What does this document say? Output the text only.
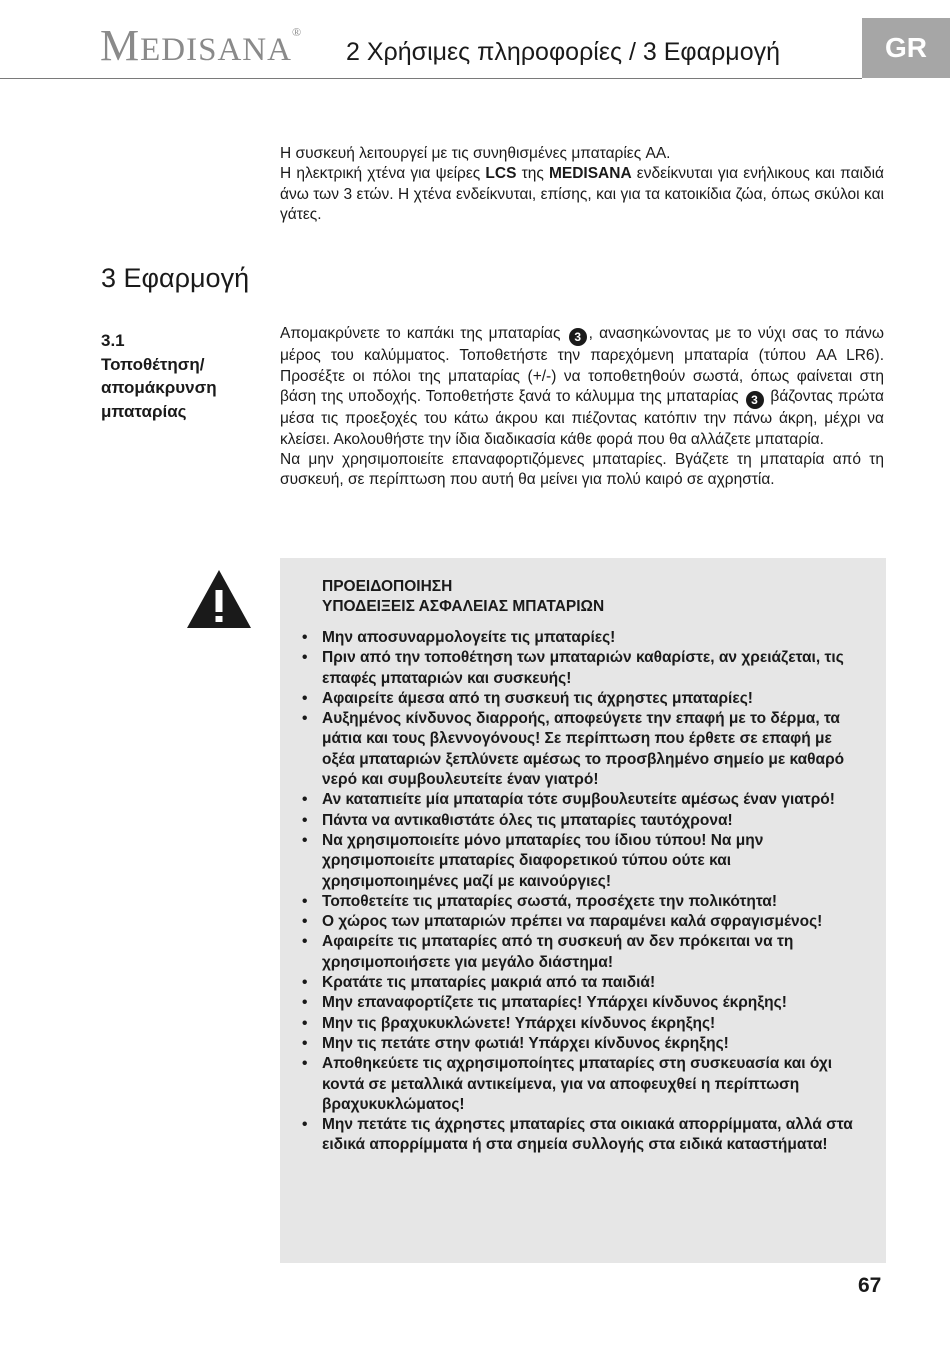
MEDISANA®
2 Χρήσιμες πληροφορίες / 3 Εφαρμογή	GR

Η συσκευή λειτουργεί με τις συνηθισμένες μπαταρίες AA.

Η ηλεκτρική χτένα για ψείρες LCS της MEDISANA ενδείκνυται για ενήλικους και παιδιά άνω των 3 ετών. Η χτένα ενδείκνυται, επίσης, και για τα κατοικίδια ζώα, όπως σκύλοι και γάτες.

3 Εφαρμογή
3.1
Τοποθέτηση/
απομάκρυνση
μπαταρίας

Απομακρύνετε το καπάκι της μπαταρίας 3 , ανασηκώνοντας με το νύχι σας το πάνω μέρος του καλύμματος. Τοποθετήστε την παρεχόμενη μπαταρία (τύπου AA LR6). Προσέξτε οι πόλοι της μπαταρίας (+/-) να τοποθετηθούν σωστά, όπως φαίνεται στη βάση της υποδοχής. Τοποθετήστε ξανά το κάλυμμα της μπαταρίας 3 βάζοντας πρώτα μέσα τις προεξοχές του κάτω άκρου και πιέζοντας κατόπιν την πάνω άκρη, μέχρι να κλείσει. Ακολουθήστε την ίδια διαδικασία κάθε φορά που θα αλλάζετε μπαταρία.

Να μην χρησιμοποιείτε επαναφορτιζόμενες μπαταρίες. Βγάζετε τη μπαταρία από τη συσκευή, σε περίπτωση που αυτή θα μείνει για πολύ καιρό σε αχρηστία.

ΠΡΟΕΙΔΟΠΟΙΗΣΗ
ΥΠΟΔΕΙΞΕΙΣ ΑΣΦΑΛΕΙΑΣ ΜΠΑΤΑΡΙΩΝ
• Μην αποσυναρμολογείτε τις μπαταρίες!
• Πριν από την τοποθέτηση των μπαταριών καθαρίστε, αν χρειάζεται, τις επαφές μπαταριών και συσκευής!
• Αφαιρείτε άμεσα από τη συσκευή τις άχρηστες μπαταρίες!
• Αυξημένος κίνδυνος διαρροής, αποφεύγετε την επαφή με το δέρμα, τα μάτια και τους βλεννογόνους! Σε περίπτωση που έρθετε σε επαφή με οξέα μπαταριών ξεπλύνετε αμέσως το προσβλημένο σημείο με καθαρό νερό και συμβουλευτείτε έναν γιατρό!
• Αν καταπιείτε μία μπαταρία τότε συμβουλευτείτε αμέσως έναν γιατρό!
• Πάντα να αντικαθιστάτε όλες τις μπαταρίες ταυτόχρονα!
• Να χρησιμοποιείτε μόνο μπαταρίες του ίδιου τύπου! Να μην χρησιμοποιείτε μπαταρίες διαφορετικού τύπου ούτε και χρησιμοποιημένες μαζί με καινούργιες!
• Τοποθετείτε τις μπαταρίες σωστά, προσέχετε την πολικότητα!
• Ο χώρος των μπαταριών πρέπει να παραμένει καλά σφραγισμένος!
• Αφαιρείτε τις μπαταρίες από τη συσκευή αν δεν πρόκειται να τη χρησιμοποιήσετε για μεγάλο διάστημα!
• Κρατάτε τις μπαταρίες μακριά από τα παιδιά!
• Μην επαναφορτίζετε τις μπαταρίες! Υπάρχει κίνδυνος έκρηξης!
• Μην τις βραχυκυκλώνετε! Υπάρχει κίνδυνος έκρηξης!
• Μην τις πετάτε στην φωτιά! Υπάρχει κίνδυνος έκρηξης!
• Αποθηκεύετε τις αχρησιμοποίητες μπαταρίες στη συσκευασία και όχι κοντά σε μεταλλικά αντικείμενα, για να αποφευχθεί η περίπτωση βραχυκυκλώματος!
• Μην πετάτε τις άχρηστες μπαταρίες στα οικιακά απορρίμματα, αλλά στα ειδικά απορρίμματα ή στα σημεία συλλογής στα ειδικά καταστήματα!
67
